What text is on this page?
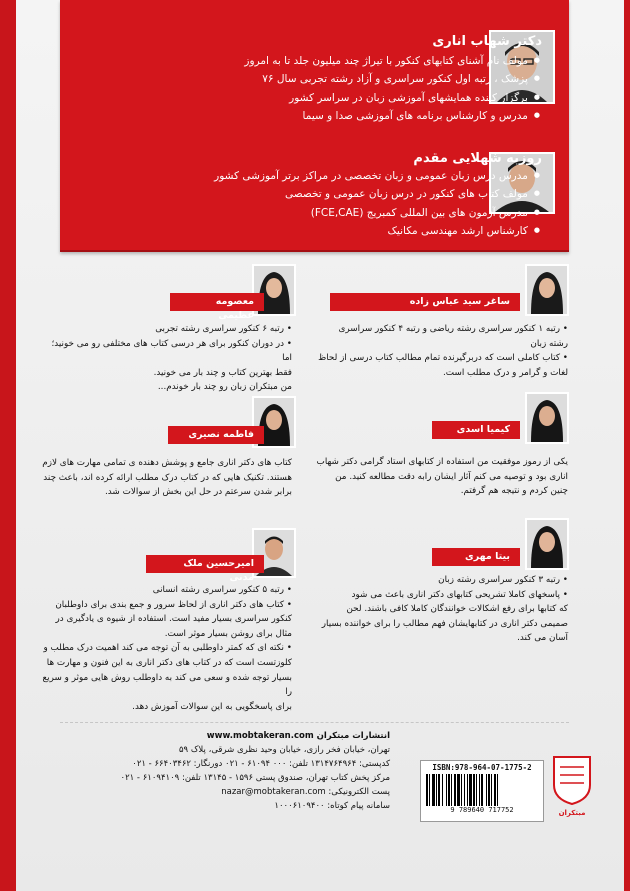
دکتر شهاب اناری
● مولف نام آشنای کتابهای کنکور با تیراژ چند میلیون جلد تا به امروز
● پزشک ، رتبه اول کنکور سراسری و آزاد رشته تجربی سال ۷۶
● برگزار کننده همایشهای آموزشی زبان در سراسر کشور
● مدرس و کارشناس برنامه های آموزشی صدا و سیما
روزبه شهلایی مقدم
● مدرس درس زبان عمومی و زبان تخصصی در مراکز برتر آموزشی کشور
● مولف کتاب های کنکور در درس زبان عمومی و تخصصی
● مدرس آزمون های بین المللی کمبریج (FCE,CAE)
● کارشناس ارشد مهندسی مکانیک
ساغر سید عباس زاده
• رتبه ۱ کنکور سراسری رشته ریاضی و رتبه ۴ کنکور سراسری
رشته زبان
• کتاب کاملی است که دربرگیرنده تمام مطالب کتاب درسی از لحاظ
لغات و گرامر و درک مطلب است.
کیمیا اسدی
یکی از رموز موفقیت من استفاده از کتابهای استاد گرامی دکتر شهاب
اناری بود و توصیه می کنم آثار ایشان رابه دقت مطالعه کنید. من
چنین کردم و نتیجه هم گرفتم.
بیتا مهری
• رتبه ۳ کنکور سراسری رشته زبان
• پاسخهای کاملا تشریحی کتابهای دکتر اناری باعث می شود
که کتابها برای رفع اشکالات خوانندگان کاملا کافی باشند. لحن
صمیمی دکتر اناری در کتابهایشان فهم مطالب را برای خواننده بسیار
آسان می کند.
معصومه عظیمی
• رتبه ۶ کنکور سراسری رشته تجربی
• در دوران کنکور برای هر درسی کتاب های مختلفی رو می خونید؛ اما
فقط بهترین کتاب و چند بار می خونید.
من مبتکران زبان رو چند بار خوندم...
فاطمه نصیری
کتاب های دکتر اناری جامع و پوشش دهنده ی تمامی مهارت های لازم
هستند. تکنیک هایی که در کتاب درک مطلب ارائه کرده اند، باعث چند
برابر شدن سرعتم در حل این بخش از سوالات شد.
امیرحسین ملک مدنی
• رتبه ۵ کنکور سراسری رشته انسانی
• کتاب های دکتر اناری از لحاظ سرور و جمع بندی برای داوطلبان
کنکور سراسری بسیار مفید است. استفاده از شیوه ی یادگیری در
مثال برای روشن بسیار موثر است.
• نکته ای که کمتر داوطلبی به آن توجه می کند اهمیت درک مطلب و
کلوزتست است که در کتاب های دکتر اناری به این فنون و مهارت ها
بسیار توجه شده و سعی می کند به داوطلب روش هایی موثر و سریع را
برای پاسخگویی به این سوالات آموزش دهد.
انتشارات مبتکران www.mobtakeran.com
تهران، خیابان فخر رازی، خیابان وحید نظری شرقی، پلاک ۵۹
کدپستی: ۱۳۱۴۷۶۴۹۶۴ تلفن: ۰۰۰ ۶۱۰۹۴ - ۰۲۱ دورنگار: ۶۶۴۰۳۴۶۲ - ۰۲۱
مرکز پخش کتاب تهران، صندوق پستی ۱۵۹۶ - ۱۳۱۴۵ تلفن: ۶۱۰۹۴۱۰۹ - ۰۲۱
پست الکترونیکی: nazar@mobtakeran.com
سامانه پیام کوتاه: ۱۰۰۰۶۱۰۹۴۰۰
ISBN:978-964-07-1775-2
9 789640 717752	مبتکران
